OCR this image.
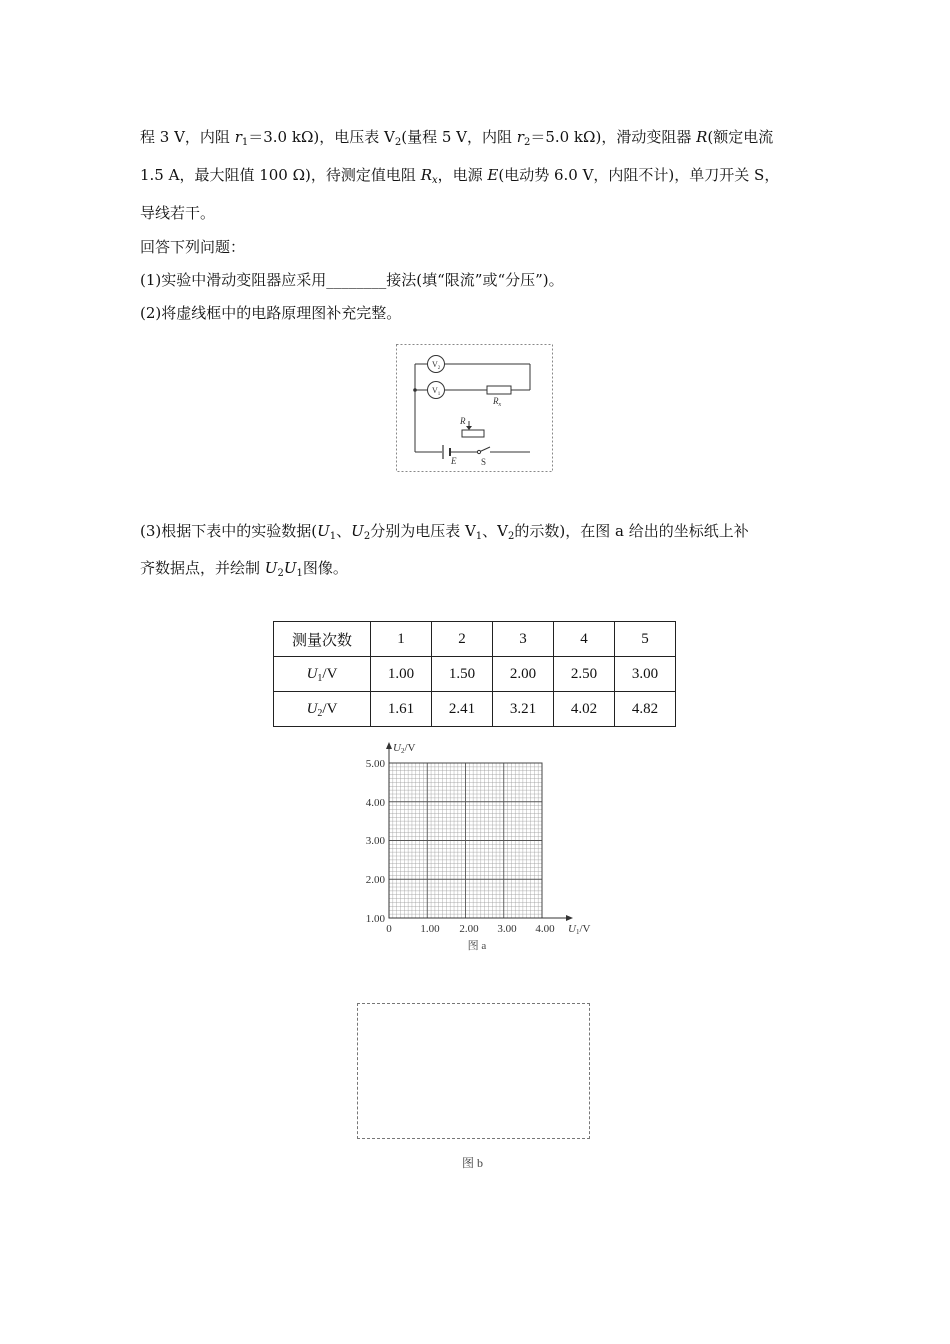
程 3 V，内阻 $r_1=3.0$ kΩ)，电压表 $V_2$(量程 5 V，内阻 $r_2=5.0$ kΩ)，滑动变阻器 R(额定电流
1.5 A，最大阻值 100 Ω)，待测定值电阻 $R_x$，电源 E(电动势 6.0 V，内阻不计)，单刀开关 S，
导线若干。
回答下列问题：
(1)实验中滑动变阻器应采用________接法(填“限流”或“分压”)。
(2)将虚线框中的电路原理图补充完整。
$V_2$
$V_1$
$R_x$
R
E	S
(3)根据下表中的实验数据($U_1$、$U_2$分别为电压表 $V_1$、$V_2$的示数)，在图 a 给出的坐标纸上补
齐数据点，并绘制 $U_2U_1$图像。
测量次数	1	2	3	4	5
$U_1/V$	1.00	1.50	2.00	2.50	3.00
$U_2/V$	1.61	2.41	3.21	4.02	4.82
U2/V
U1/V
5.00
4.00
3.00
2.00
1.00
0	1.00 2.00 3.00 4.00
图 a
图 b
